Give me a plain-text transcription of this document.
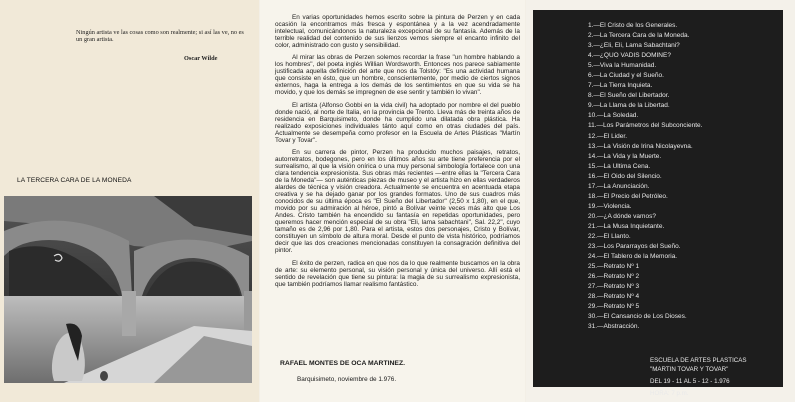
Ningún artista ve las cosas como son realmente; si así las ve, no es un gran artista.
Oscar Wilde
LA TERCERA CARA DE LA MONEDA

En varias oportunidades hemos escrito sobre la pintura de Perzen y en cada ocasión la encontramos más fresca y espontánea y a la vez acendradamente intelectual, comunicándonos la naturaleza excepcional de su fantasía. Además de la terrible realidad del contenido de sus lienzos vemos siempre el encanto infinito del color, administrado con gusto y sensibilidad.

Al mirar las obras de Perzen solemos recordar la frase "un hombre hablando a los hombres", del poeta inglés Willian Wordsworth. Entonces nos parece sabiamente justificada aquella definición del arte que nos da Tolstóy: "Es una actividad humana que consiste en ésto, que un hombre, conscientemente, por medio de ciertos signos externos, haga la entrega a los demás de los sentimientos en que su vida se ha movido, y que los demás se impregnen de ese sentir y también lo vivan".

El artista (Alfonso Gobbi en la vida civil) ha adoptado por nombre el del pueblo donde nació, al norte de Italia, en la provincia de Trento. Lleva más de treinta años de residencia en Barquisimeto, donde ha cumplido una dilatada obra plástica. Ha realizado exposiciones individuales tánto aquí como en otras ciudades del país. Actualmente se desempeña como profesor en la Escuela de Artes Plásticas "Martín Tovar y Tovar".

En su carrera de pintor, Perzen ha producido muchos paisajes, retratos, autorretratos, bodegones, pero en los últimos años su arte tiene preferencia por el surrealismo, al que la visión onírica o una muy personal simbología fortalece con una clara tendencia expresionista. Sus obras más recientes —entre ellas la "Tercera Cara de la Moneda"— son auténticas piezas de museo y el artista hizo en ellas verdaderos alardes de técnica y visión creadora. Actualmente se encuentra en acentuada etapa creativa y se ha dejado ganar por los grandes formatos. Uno de sus cuadros más conocidos de su última época es "El Sueño del Libertador" (2,50 x 1,80), en el que, movido por su admiración al héroe, pintó a Bolívar veinte veces más alto que Los Andes. Cristo también ha encendido su fantasía en repetidas oportunidades, pero queremos hacer mención especial de su obra "Eli, lama sabachtani", Sal. 22,2", cuyo tamaño es de 2,96 por 1,80. Para el artista, estos dos personajes, Cristo y Bolívar, constituyen un símbolo de altura moral. Desde el punto de vista histórico, podríamos decir que las dos creaciones mencionadas constituyen la consagración definitiva del pintor.

El éxito de perzen, radica en que nos da lo que realmente buscamos en la obra de arte: su elemento personal, su visión personal y única del universo. Allí está el sentido de revelación que tiene su pintura: la magia de su surrealismo expresionista, que también podríamos llamar realismo fantástico.

RAFAEL MONTES DE OCA MARTINEZ.
Barquisimeto, noviembre de 1.976.
1.—El Cristo de los Generales.
2.—La Tercera Cara de la Moneda.
3.—¿Eli, Eli, Lama Sabachtani?
4.—¿QUO VADIS DOMINE?
5.—Viva la Humanidad.
6.—La Ciudad y el Sueño.
7.—La Tierra Inquieta.
8.—El Sueño del Libertador.
9.—La Llama de la Libertad.
10.—La Soledad.
11.—Los Parámetros del Subconciente.
12.—El Lider.
13.—La Visión de Irina Nicolayevna.
14.—La Vida y la Muerte.
15.—La Ultima Cena.
16.—El Oido del Silencio.
17.—La Anunciación.
18.—El Precio del Petróleo.
19.—Violencia.
20.—¿A dónde vamos?
21.—La Musa Inquietante.
22.—El Llanto.
23.—Los Pararrayos del Sueño.
24.—El Tablero de la Memoria.
25.—Retrato Nº 1
26.—Retrato Nº 2
27.—Retrato Nº 3
28.—Retrato Nº 4
29.—Retrato Nº 5
30.—El Cansancio de Los Dioses.
31.—Abstracción.
ESCUELA DE ARTES PLASTICAS
"MARTIN TOVAR Y TOVAR"
DEL 19 - 11 AL 5 - 12 - 1.976
HORA: 7 p.m.
